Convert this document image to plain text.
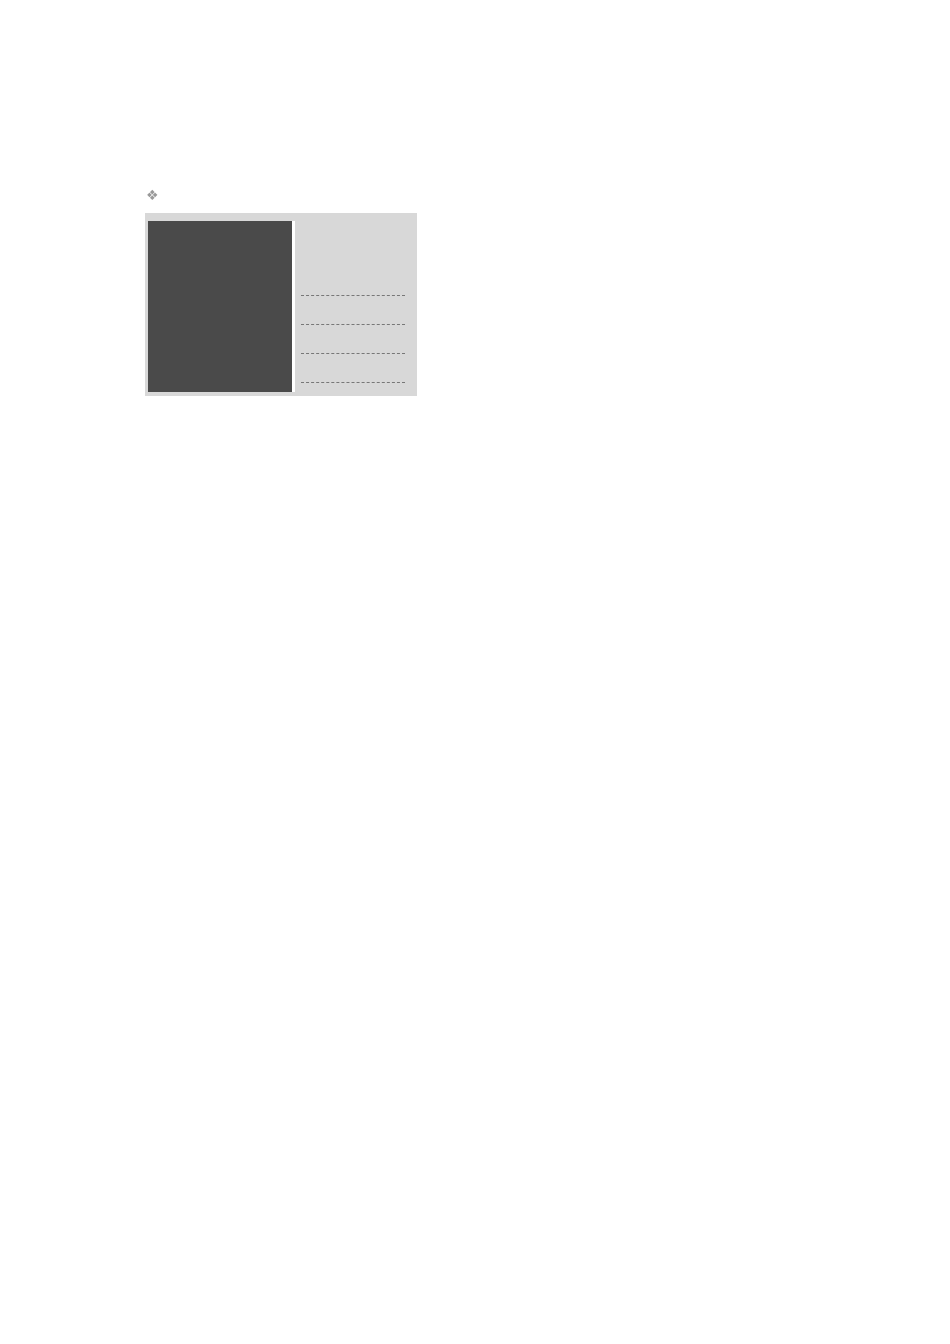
❖
